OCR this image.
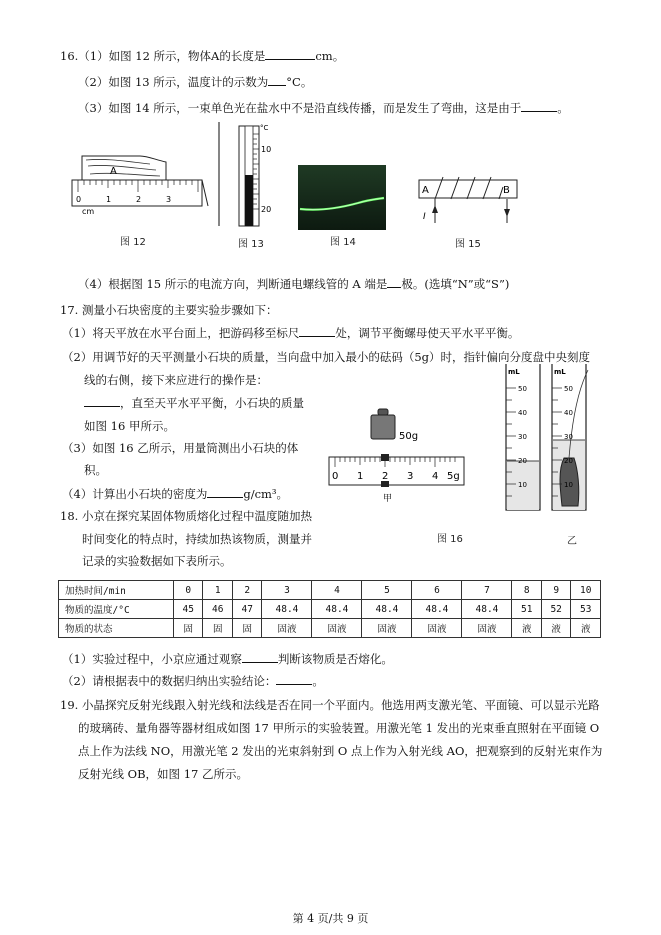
16.（1）如图 12 所示，物体A的长度是	cm。
（2）如图 13 所示，温度计的示数为 °C。
（3）如图 14 所示，一束单色光在盐水中不是沿直线传播，而是发生了弯曲，这是由于	。
A
0	1	2	3
cm
图 12
°C
10
20
图 13	图 14
A	B
I
图 15
（4）根据图 15 所示的电流方向，判断通电螺线管的 A 端是 极。(选填“N”或“S”)
17. 测量小石块密度的主要实验步骤如下：
（1）将天平放在水平台面上，把游码移至标尺	处，调节平衡螺母使天平水平平衡。
（2）用调节好的天平测量小石块的质量，当向盘中加入最小的砝码（5g）时，指针偏向分度盘中央刻度
线的右侧，接下来应进行的操作是：
，直至天平水平平衡，小石块的质量
如图 16 甲所示。
（3）如图 16 乙所示，用量筒测出小石块的体
积。
（4）计算出小石块的密度为	g/cm³。
50g
0 1 2 3 4 5g
甲
mL
50
40
30
20
10
mL
50
40
30
20
10
图 16	乙
18. 小京在探究某固体物质熔化过程中温度随加热
时间变化的特点时，持续加热该物质，测量并
记录的实验数据如下表所示。
加热时间/min	0	1	2	3	4	5	6	7	8	9	10
物质的温度/°C	45	46	47	48.4	48.4	48.4	48.4	48.4	51	52	53
物质的状态	固	固	固	固液	固液	固液	固液	固液	液	液	液
（1）实验过程中，小京应通过观察	判断该物质是否熔化。
（2）请根据表中的数据归纳出实验结论：	。
19. 小晶探究反射光线跟入射光线和法线是否在同一个平面内。他选用两支激光笔、平面镜、可以显示光路
的玻璃砖、量角器等器材组成如图 17 甲所示的实验装置。用激光笔 1 发出的光束垂直照射在平面镜 O
点上作为法线 NO，用激光笔 2 发出的光束斜射到 O 点上作为入射光线 AO，把观察到的反射光束作为
反射光线 OB，如图 17 乙所示。
第 4 页/共 9 页
